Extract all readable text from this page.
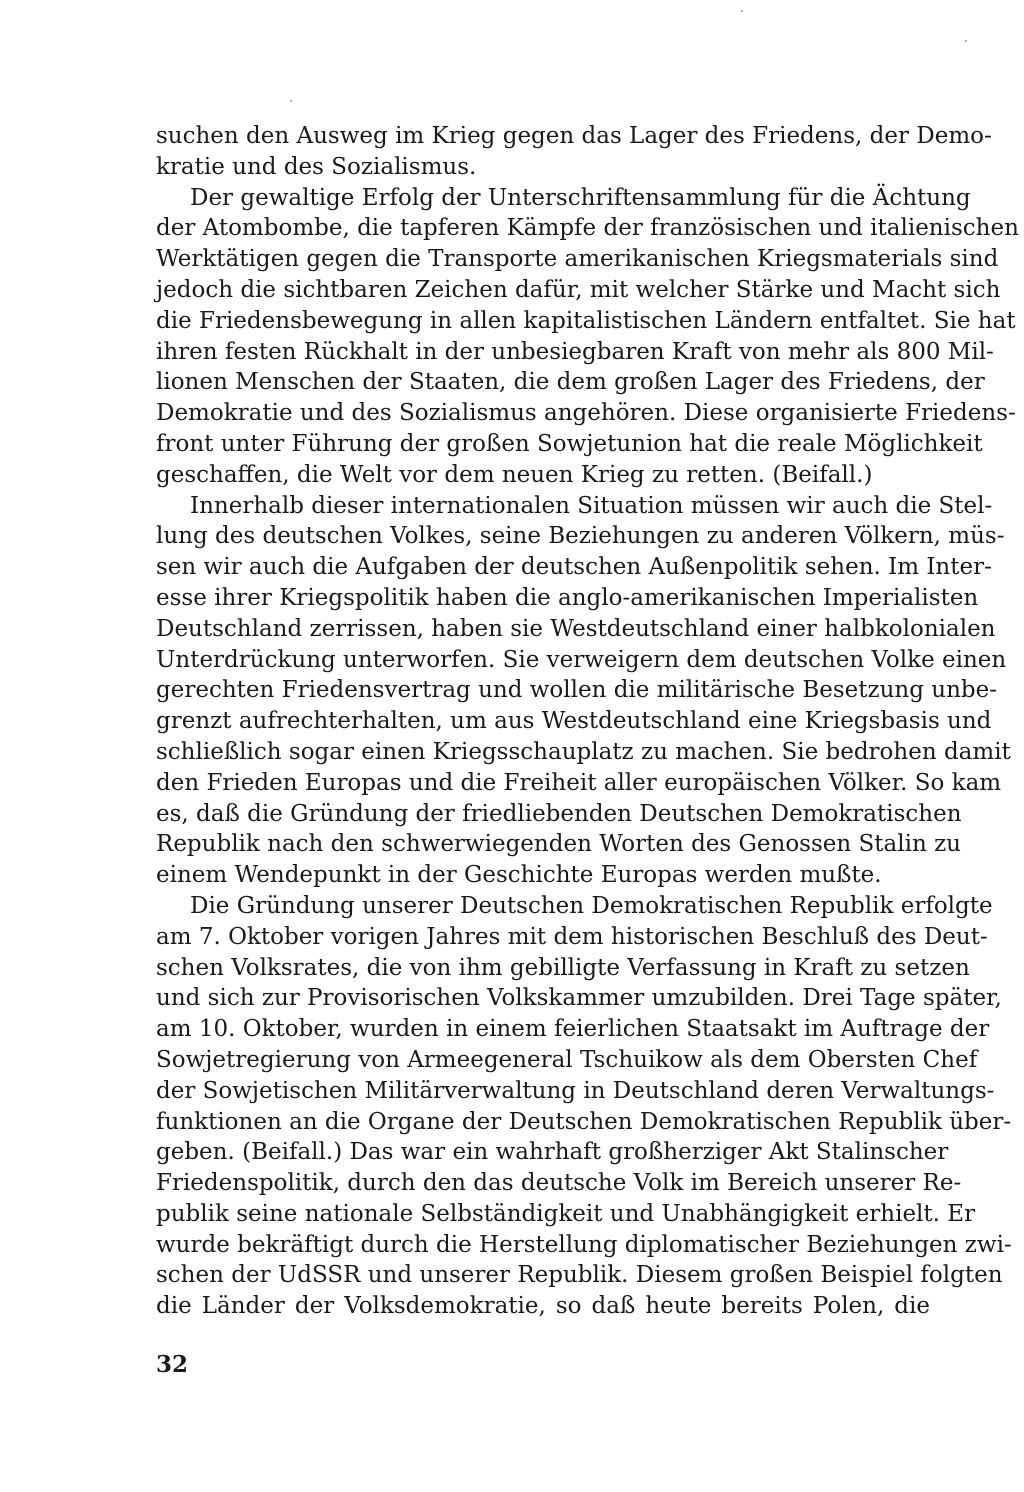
suchen den Ausweg im Krieg gegen das Lager des Friedens, der Demo-
kratie und des Sozialismus.
Der gewaltige Erfolg der Unterschriftensammlung für die Ächtung
der Atombombe, die tapferen Kämpfe der französischen und italienischen
Werktätigen gegen die Transporte amerikanischen Kriegsmaterials sind
jedoch die sichtbaren Zeichen dafür, mit welcher Stärke und Macht sich
die Friedensbewegung in allen kapitalistischen Ländern entfaltet. Sie hat
ihren festen Rückhalt in der unbesiegbaren Kraft von mehr als 800 Mil-
lionen Menschen der Staaten, die dem großen Lager des Friedens, der
Demokratie und des Sozialismus angehören. Diese organisierte Friedens-
front unter Führung der großen Sowjetunion hat die reale Möglichkeit
geschaffen, die Welt vor dem neuen Krieg zu retten. (Beifall.)
Innerhalb dieser internationalen Situation müssen wir auch die Stel-
lung des deutschen Volkes, seine Beziehungen zu anderen Völkern, müs-
sen wir auch die Aufgaben der deutschen Außenpolitik sehen. Im Inter-
esse ihrer Kriegspolitik haben die anglo-amerikanischen Imperialisten
Deutschland zerrissen, haben sie Westdeutschland einer halbkolonialen
Unterdrückung unterworfen. Sie verweigern dem deutschen Volke einen
gerechten Friedensvertrag und wollen die militärische Besetzung unbe-
grenzt aufrechterhalten, um aus Westdeutschland eine Kriegsbasis und
schließlich sogar einen Kriegsschauplatz zu machen. Sie bedrohen damit
den Frieden Europas und die Freiheit aller europäischen Völker. So kam
es, daß die Gründung der friedliebenden Deutschen Demokratischen
Republik nach den schwerwiegenden Worten des Genossen Stalin zu
einem Wendepunkt in der Geschichte Europas werden mußte.
Die Gründung unserer Deutschen Demokratischen Republik erfolgte
am 7. Oktober vorigen Jahres mit dem historischen Beschluß des Deut-
schen Volksrates, die von ihm gebilligte Verfassung in Kraft zu setzen
und sich zur Provisorischen Volkskammer umzubilden. Drei Tage später,
am 10. Oktober, wurden in einem feierlichen Staatsakt im Auftrage der
Sowjetregierung von Armeegeneral Tschuikow als dem Obersten Chef
der Sowjetischen Militärverwaltung in Deutschland deren Verwaltungs-
funktionen an die Organe der Deutschen Demokratischen Republik über-
geben. (Beifall.) Das war ein wahrhaft großherziger Akt Stalinscher
Friedenspolitik, durch den das deutsche Volk im Bereich unserer Re-
publik seine nationale Selbständigkeit und Unabhängigkeit erhielt. Er
wurde bekräftigt durch die Herstellung diplomatischer Beziehungen zwi-
schen der UdSSR und unserer Republik. Diesem großen Beispiel folgten
die Länder der Volksdemokratie, so daß heute bereits Polen, die
32
